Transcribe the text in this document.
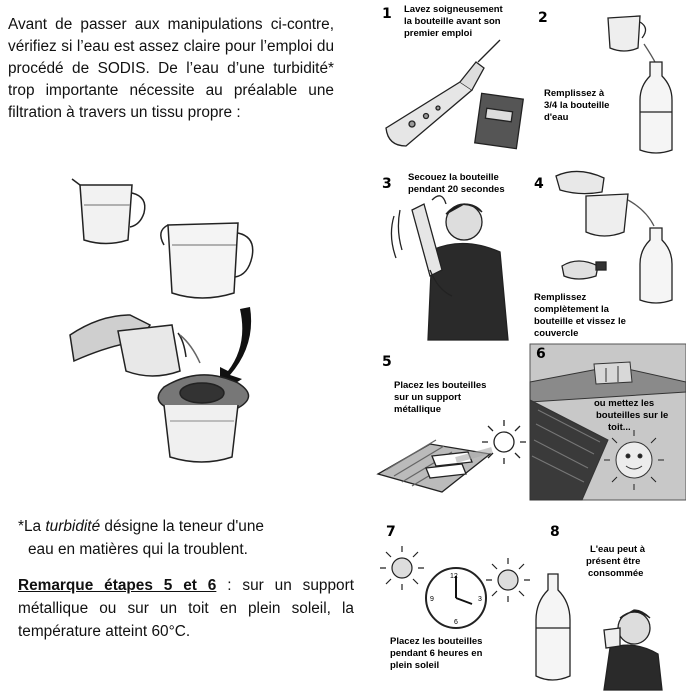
Avant de passer aux manipulations ci-contre, vérifiez si l’eau est assez claire pour l’emploi du procédé de SODIS. De l’eau d’une turbidité* trop importante nécessite au préalable une filtration à travers un tissu propre :
*La turbidité désigne la teneur d'une
eau en matières qui la troublent.
Remarque étapes 5 et 6 : sur un support métallique ou sur un toit en plein soleil, la température atteint 60°C.
1 Lavez soigneusement la bouteille avant son premier emploi
2
Remplissez à 3/4 la bouteille d'eau
3 Secouez la bouteille pendant 20 secondes 4
Remplissez complètement la bouteille et vissez le couvercle
5
Placez les bouteilles sur un support métallique
6
ou mettez les bouteilles sur le toit...
7
12
3
6
9
Placez les bouteilles pendant 6 heures en plein soleil
8
L'eau peut à présent être consommée
